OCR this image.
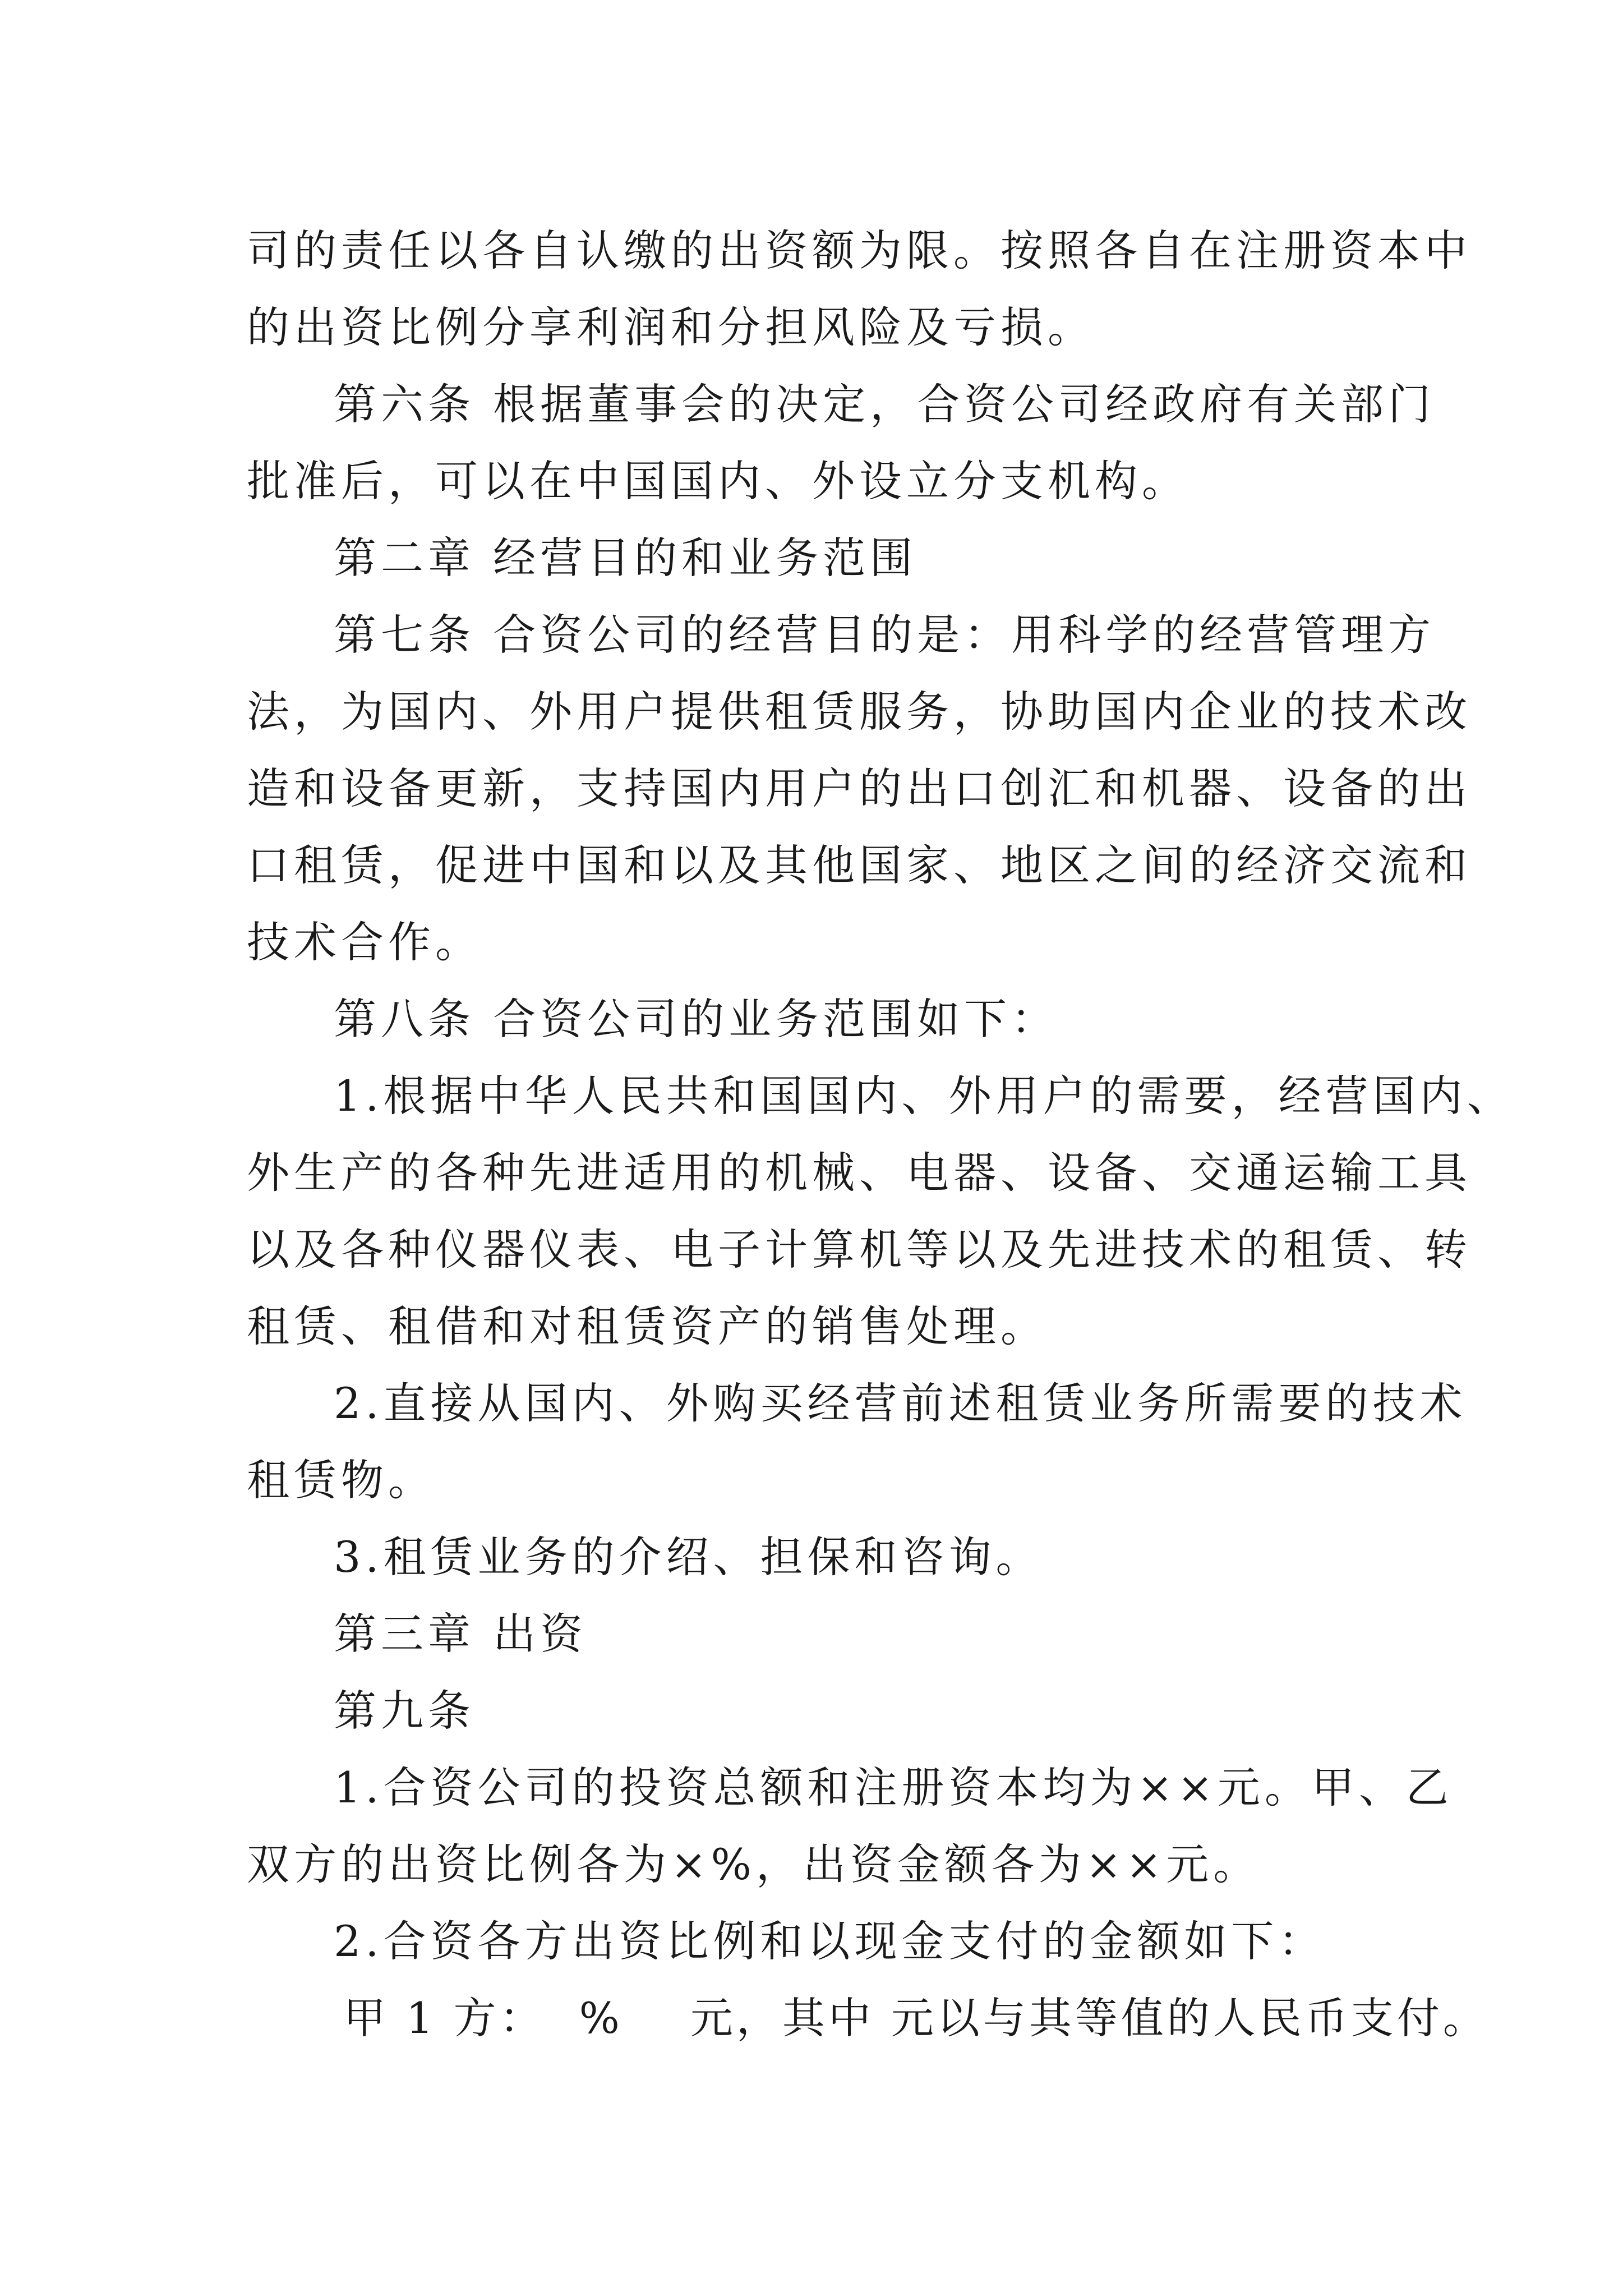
司的责任以各自认缴的出资额为限。按照各自在注册资本中
的出资比例分享利润和分担风险及亏损。
第六条 根据董事会的决定，合资公司经政府有关部门
批准后，可以在中国国内、外设立分支机构。
第二章 经营目的和业务范围
第七条 合资公司的经营目的是：用科学的经营管理方
法，为国内、外用户提供租赁服务，协助国内企业的技术改
造和设备更新，支持国内用户的出口创汇和机器、设备的出
口租赁，促进中国和以及其他国家、地区之间的经济交流和
技术合作。
第八条 合资公司的业务范围如下：
1.根据中华人民共和国国内、外用户的需要，经营国内、
外生产的各种先进适用的机械、电器、设备、交通运输工具
以及各种仪器仪表、电子计算机等以及先进技术的租赁、转
租赁、租借和对租赁资产的销售处理。
2.直接从国内、外购买经营前述租赁业务所需要的技术
租赁物。
3.租赁业务的介绍、担保和咨询。
第三章 出资
第九条
1.合资公司的投资总额和注册资本均为××元。甲、乙
双方的出资比例各为×%，出资金额各为××元。
2.合资各方出资比例和以现金支付的金额如下：
甲 1 方： % 元，其中 元以与其等值的人民币支付。
